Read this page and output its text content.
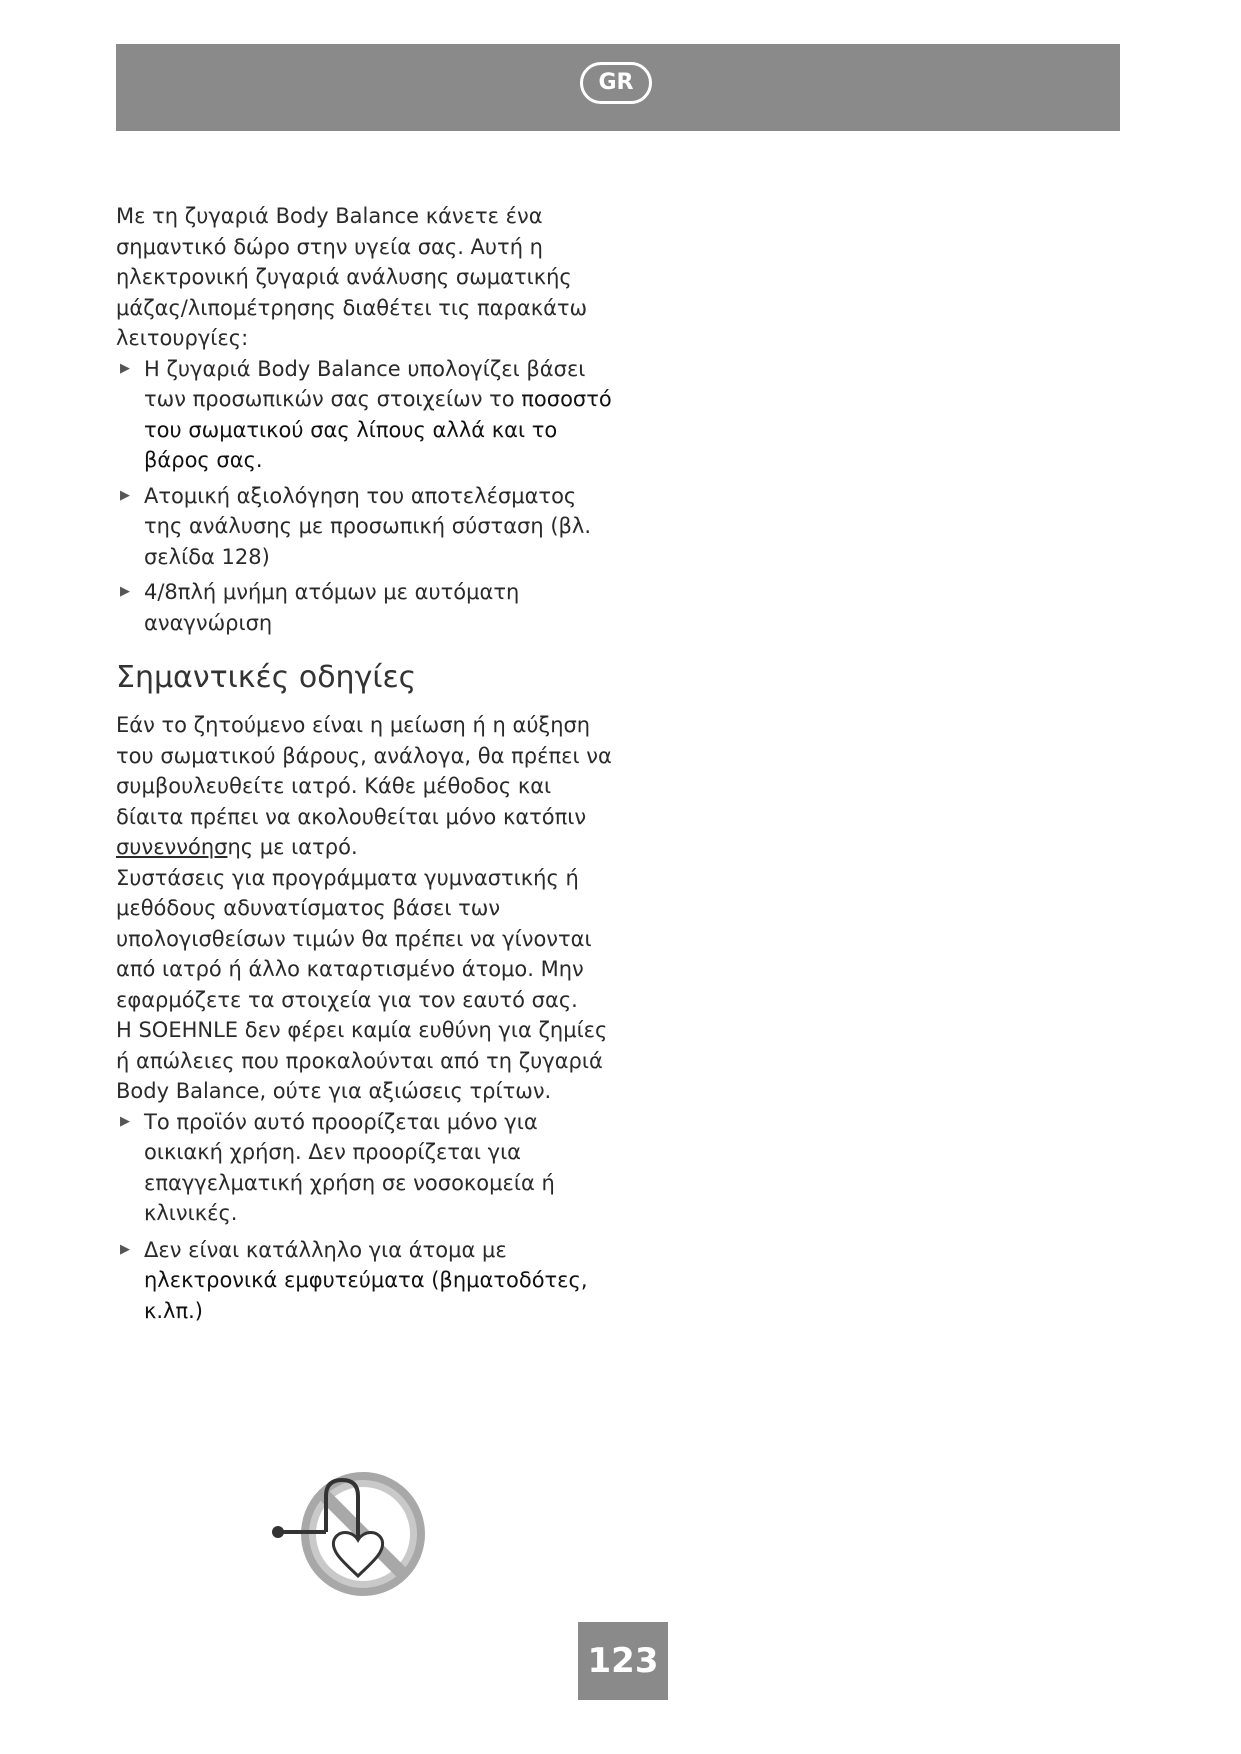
GR

Με τη ζυγαριά Body Balance κάνετε ένα σημαντικό δώρο στην υγεία σας. Αυτή η ηλεκτρονική ζυγαριά ανάλυσης σωματικής μάζας/λιπομέτρησης διαθέτει τις παρακάτω λειτουργίες:

▶ Η ζυγαριά Body Balance υπολογίζει βάσει των προσωπικών σας στοιχείων το ποσοστό του σωματικού σας λίπους αλλά και το βάρος σας.
▶ Ατομική αξιολόγηση του αποτελέσματος της ανάλυσης με προσωπική σύσταση (βλ. σελίδα 128)
▶ 4/8πλή μνήμη ατόμων με αυτόματη αναγνώριση
Σημαντικές οδηγίες

Εάν το ζητούμενο είναι η μείωση ή η αύξηση του σωματικού βάρους, ανάλογα, θα πρέπει να συμβουλευθείτε ιατρό. Κάθε μέθοδος και δίαιτα πρέπει να ακολουθείται μόνο κατόπιν συνεννόησης με ιατρό.

Συστάσεις για προγράμματα γυμναστικής ή μεθόδους αδυνατίσματος βάσει των υπολογισθείσων τιμών θα πρέπει να γίνονται από ιατρό ή άλλο καταρτισμένο άτομο. Μην εφαρμόζετε τα στοιχεία για τον εαυτό σας.

Η SOEHNLE δεν φέρει καμία ευθύνη για ζημίες ή απώλειες που προκαλούνται από τη ζυγαριά Body Balance, ούτε για αξιώσεις τρίτων.

▶ Το προϊόν αυτό προορίζεται μόνο για οικιακή χρήση. Δεν προορίζεται για επαγγελματική χρήση σε νοσοκομεία ή κλινικές.
▶ Δεν είναι κατάλληλο για άτομα με ηλεκτρονικά εμφυτεύματα (βηματοδότες, κ.λπ.)
123
